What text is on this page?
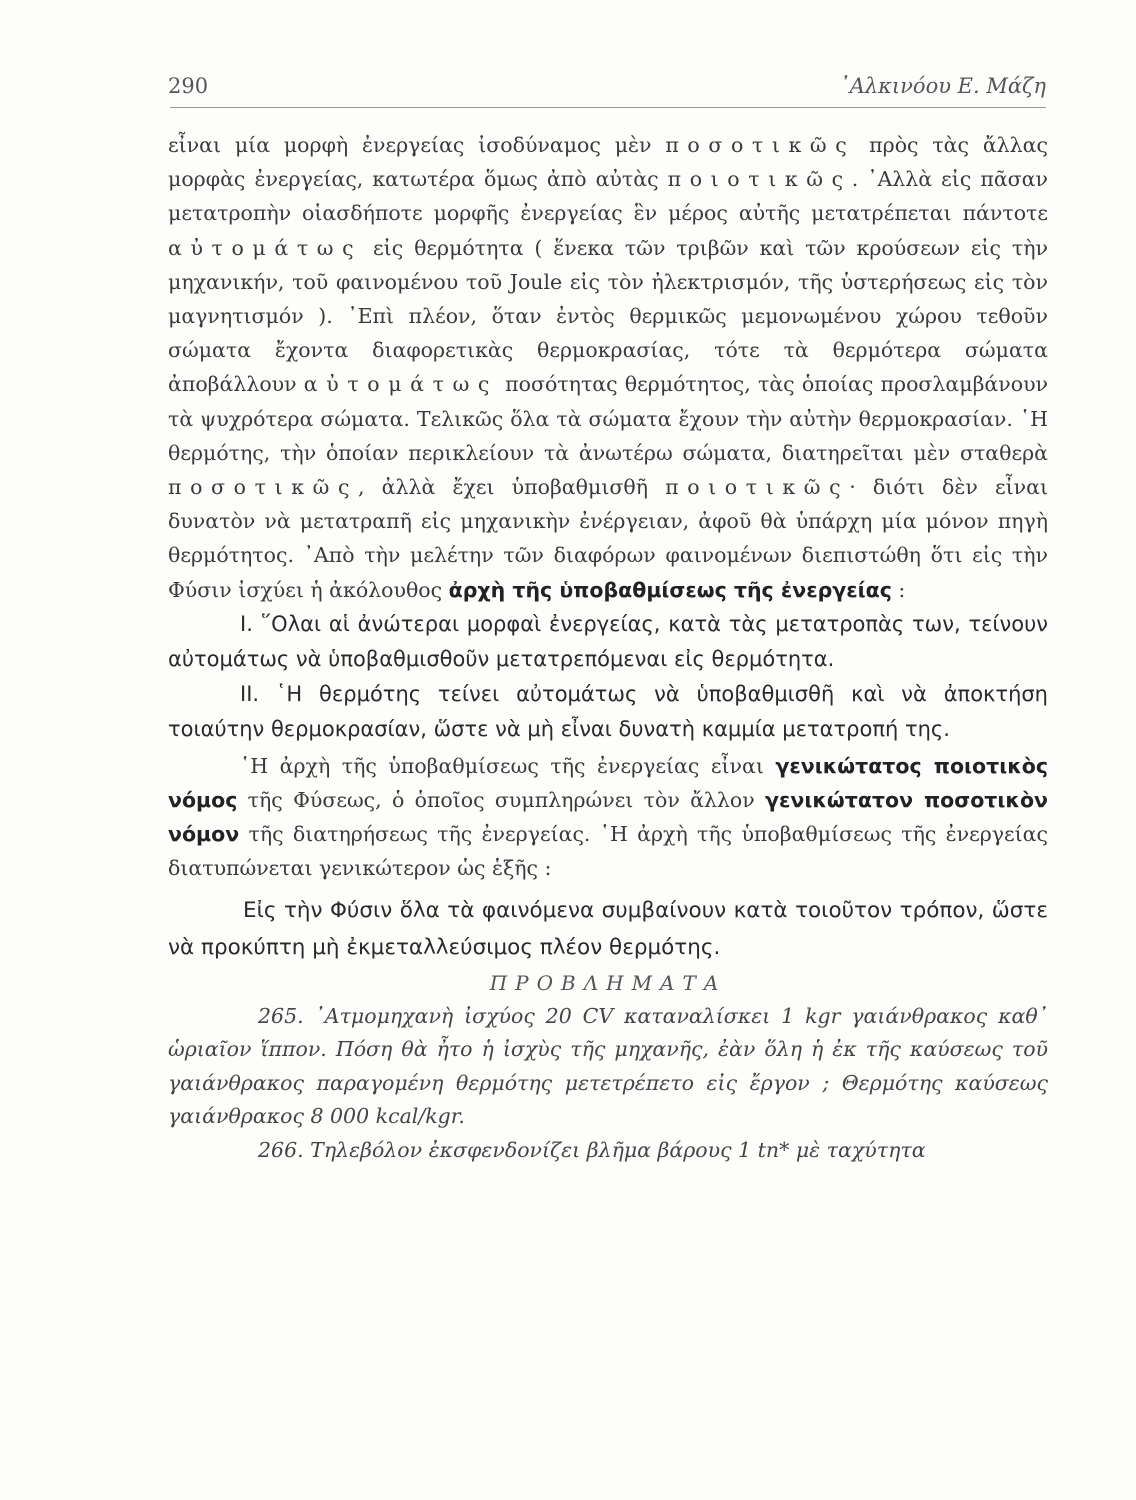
290	᾿Αλκινόου Ε. Μάζη

εἶναι μία μορφὴ ἐνεργείας ἰσοδύναμος μὲν ποσοτικῶς πρὸς τὰς ἄλλας μορφὰς ἐνεργείας, κατωτέρα ὅμως ἀπὸ αὐτὰς ποιοτικῶς. ᾿Αλλὰ εἰς πᾶσαν μετατροπὴν οἱασδήποτε μορφῆς ἐνεργείας ἓν μέρος αὐτῆς μετατρέπεται πάντοτε αὐτομάτως εἰς θερμότητα ( ἕνεκα τῶν τριβῶν καὶ τῶν κρούσεων εἰς τὴν μηχανικήν, τοῦ φαινομένου τοῦ Joule εἰς τὸν ἠλεκτρισμόν, τῆς ὑστερήσεως εἰς τὸν μαγνητισμόν ). ᾿Επὶ πλέον, ὅταν ἐντὸς θερμικῶς μεμονωμένου χώρου τεθοῦν σώματα ἔχοντα διαφορετικὰς θερμοκρασίας, τότε τὰ θερμότερα σώματα ἀποβάλλουν αὐτομάτως ποσότητας θερμότητος, τὰς ὁποίας προσλαμβάνουν τὰ ψυχρότερα σώματα. Τελικῶς ὅλα τὰ σώματα ἔχουν τὴν αὐτὴν θερμοκρασίαν. ῾Η θερμότης, τὴν ὁποίαν περικλείουν τὰ ἀνωτέρω σώματα, διατηρεῖται μὲν σταθερὰ ποσοτικῶς, ἀλλὰ ἔχει ὑποβαθμισθῆ ποιοτικῶς· διότι δὲν εἶναι δυνατὸν νὰ μετατραπῆ εἰς μηχανικὴν ἐνέργειαν, ἀφοῦ θὰ ὑπάρχη μία μόνον πηγὴ θερμότητος. ᾿Απὸ τὴν μελέτην τῶν διαφόρων φαινομένων διεπιστώθη ὅτι εἰς τὴν Φύσιν ἰσχύει ἡ ἀκόλουθος ἀρχὴ τῆς ὑποβαθμίσεως τῆς ἐνεργείας :

I. ῞Ολαι αἱ ἀνώτεραι μορφαὶ ἐνεργείας, κατὰ τὰς μετατροπὰς των, τείνουν αὐτομάτως νὰ ὑποβαθμισθοῦν μετατρεπόμεναι εἰς θερμότητα.

II. ῾Η θερμότης τείνει αὐτομάτως νὰ ὑποβαθμισθῆ καὶ νὰ ἀποκτήση τοιαύτην θερμοκρασίαν, ὥστε νὰ μὴ εἶναι δυνατὴ καμμία μετατροπή της.

῾Η ἀρχὴ τῆς ὑποβαθμίσεως τῆς ἐνεργείας εἶναι γενικώτατος ποιοτικὸς νόμος τῆς Φύσεως, ὁ ὁποῖος συμπληρώνει τὸν ἄλλον γενικώτατον ποσοτικὸν νόμον τῆς διατηρήσεως τῆς ἐνεργείας. ῾Η ἀρχὴ τῆς ὑποβαθμίσεως τῆς ἐνεργείας διατυπώνεται γενικώτερον ὡς ἑξῆς :

Εἰς τὴν Φύσιν ὅλα τὰ φαινόμενα συμβαίνουν κατὰ τοιοῦτον τρόπον, ὥστε νὰ προκύπτη μὴ ἐκμεταλλεύσιμος πλέον θερμότης.

ΠΡΟΒΛΗΜΑΤΑ

265. ᾿Ατμομηχανὴ ἰσχύος 20 CV καταναλίσκει 1 kgr γαιάνθρακος καθ᾿ ὡριαῖον ἵππον. Πόση θὰ ἦτο ἡ ἰσχὺς τῆς μηχανῆς, ἐὰν ὅλη ἡ ἐκ τῆς καύσεως τοῦ γαιάνθρακος παραγομένη θερμότης μετετρέπετο εἰς ἔργον ; Θερμότης καύσεως γαιάνθρακος 8 000 kcal/kgr.

266. Τηλεβόλον ἐκσφενδονίζει βλῆμα βάρους 1 tn* μὲ ταχύτητα
